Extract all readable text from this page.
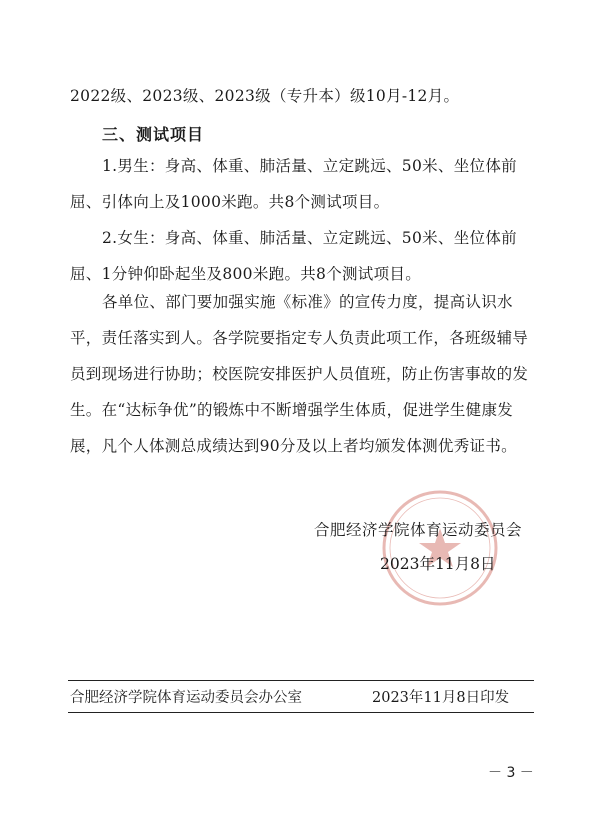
2022级、2023级、2023级（专升本）级10月-12月。

三、测试项目

1.男生：身高、体重、肺活量、立定跳远、50米、坐位体前屈、引体向上及1000米跑。共8个测试项目。

2.女生：身高、体重、肺活量、立定跳远、50米、坐位体前屈、1分钟仰卧起坐及800米跑。共8个测试项目。

各单位、部门要加强实施《标准》的宣传力度，提高认识水平，责任落实到人。各学院要指定专人负责此项工作，各班级辅导员到现场进行协助；校医院安排医护人员值班，防止伤害事故的发生。在“达标争优”的锻炼中不断增强学生体质，促进学生健康发展，凡个人体测总成绩达到90分及以上者均颁发体测优秀证书。

合肥经济学院体育运动委员会
2023年11月8日
合肥经济学院体育运动委员会办公室	2023年11月8日印发
－ 3 －
